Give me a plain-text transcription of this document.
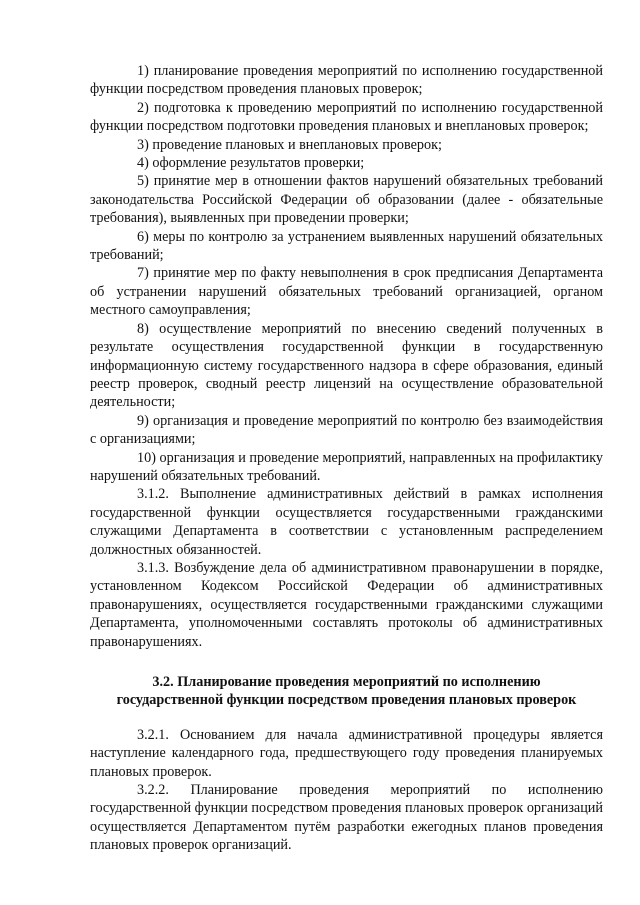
1) планирование проведения мероприятий по исполнению государственной функции посредством проведения плановых проверок;

2) подготовка к проведению мероприятий по исполнению государственной функции посредством подготовки проведения плановых и внеплановых проверок;

3) проведение плановых и внеплановых проверок;

4) оформление результатов проверки;

5) принятие мер в отношении фактов нарушений обязательных требований законодательства Российской Федерации об образовании (далее - обязательные требования), выявленных при проведении проверки;

6) меры по контролю за устранением выявленных нарушений обязательных требований;

7) принятие мер по факту невыполнения в срок предписания Департамента об устранении нарушений обязательных требований организацией, органом местного самоуправления;

8) осуществление мероприятий по внесению сведений полученных в результате осуществления государственной функции в государственную информационную систему государственного надзора в сфере образования, единый реестр проверок, сводный реестр лицензий на осуществление образовательной деятельности;

9) организация и проведение мероприятий по контролю без взаимодействия с организациями;

10) организация и проведение мероприятий, направленных на профилактику нарушений обязательных требований.

3.1.2. Выполнение административных действий в рамках исполнения государственной функции осуществляется государственными гражданскими служащими Департамента в соответствии с установленным распределением должностных обязанностей.

3.1.3. Возбуждение дела об административном правонарушении в порядке, установленном Кодексом Российской Федерации об административных правонарушениях, осуществляется государственными гражданскими служащими Департамента, уполномоченными составлять протоколы об административных правонарушениях.

3.2. Планирование проведения мероприятий по исполнению
государственной функции посредством проведения плановых проверок

3.2.1. Основанием для начала административной процедуры является наступление календарного года, предшествующего году проведения планируемых плановых проверок.

3.2.2. Планирование проведения мероприятий по исполнению государственной функции посредством проведения плановых проверок организаций осуществляется Департаментом путём разработки ежегодных планов проведения плановых проверок организаций.
